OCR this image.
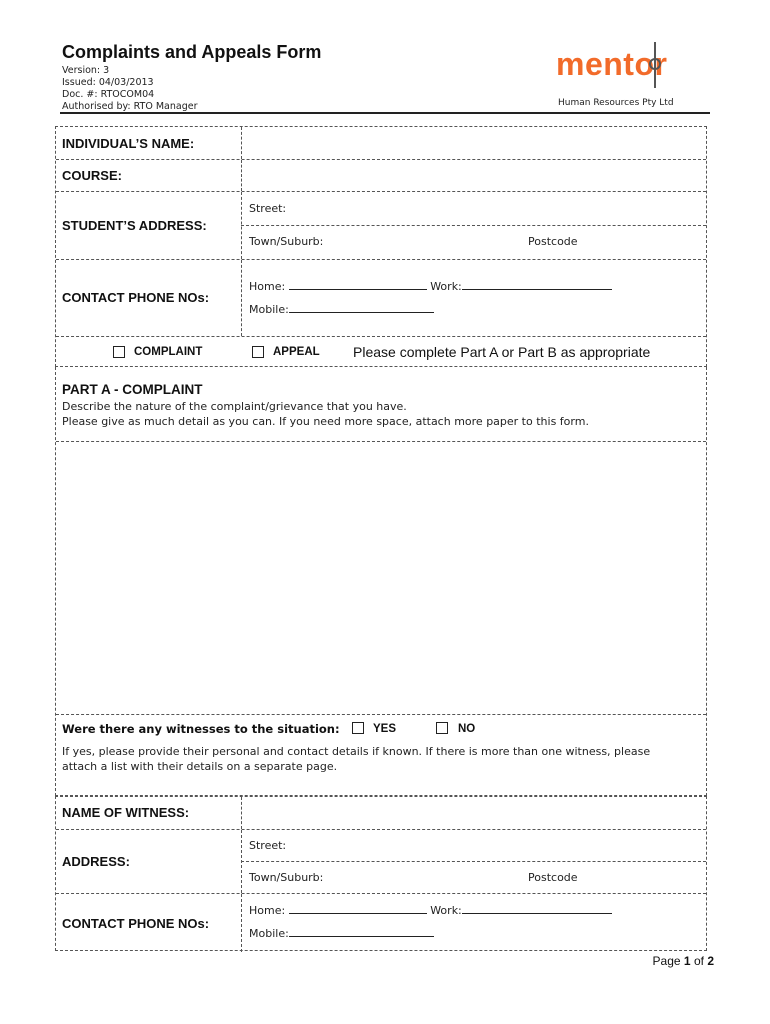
Complaints and Appeals Form
Version: 3
Issued: 04/03/2013
Doc. #: RTOCOM04
Authorised by: RTO Manager
mentor
Human Resources Pty Ltd
INDIVIDUAL’S NAME:
COURSE:
STUDENT’S ADDRESS:
Street:
Town/Suburb:	Postcode
CONTACT PHONE NOs:
Home:	Work:
Mobile:
COMPLAINT	APPEAL Please complete Part A or Part B as appropriate
PART A - COMPLAINT
Describe the nature of the complaint/grievance that you have.
Please give as much detail as you can. If you need more space, attach more paper to this form.
Were there any witnesses to the situation:	YES	NO
If yes, please provide their personal and contact details if known. If there is more than one witness, please
attach a list with their details on a separate page.
NAME OF WITNESS:
ADDRESS:
Street:
Town/Suburb:	Postcode
CONTACT PHONE NOs:
Home:	Work:
Mobile:
Page 1 of 2
